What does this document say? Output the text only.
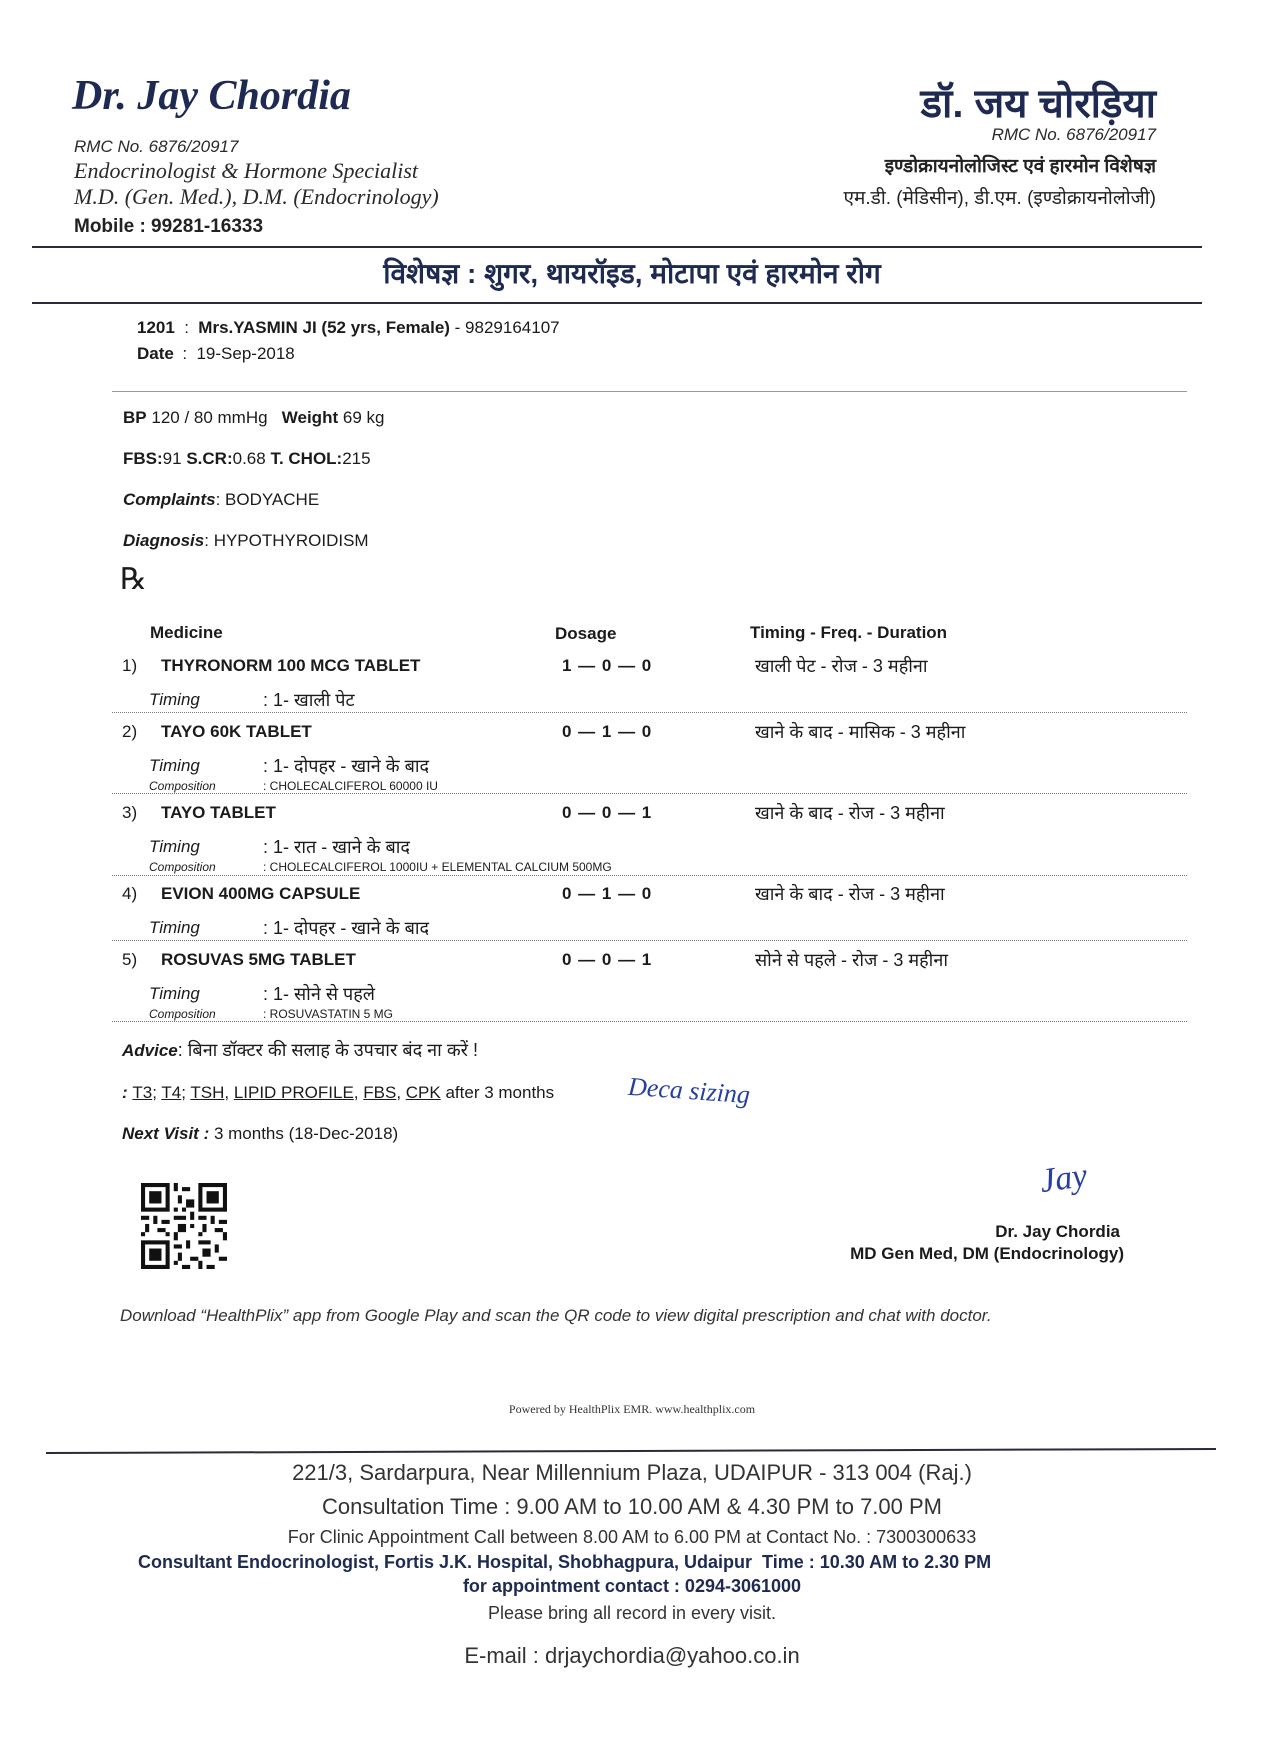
Dr. Jay Chordia
RMC No. 6876/20917
Endocrinologist & Hormone Specialist
M.D. (Gen. Med.), D.M. (Endocrinology)
Mobile : 99281-16333
डॉ. जय चोरड़िया
RMC No. 6876/20917
इण्डोक्रायनोलोजिस्ट एवं हारमोन विशेषज्ञ
एम.डी. (मेडिसीन), डी.एम. (इण्डोक्रायनोलोजी)
विशेषज्ञ : शुगर, थायरॉइड, मोटापा एवं हारमोन रोग
1201 : Mrs.YASMIN JI (52 yrs, Female) - 9829164107
Date : 19-Sep-2018
BP 120 / 80 mmHg Weight 69 kg
FBS:91 S.CR:0.68 T. CHOL:215
Complaints: BODYACHE
Diagnosis: HYPOTHYROIDISM
℞
Medicine	Dosage	Timing - Freq. - Duration
1) THYRONORM 100 MCG TABLET	1 — 0 — 0	खाली पेट - रोज - 3 महीना
Timing	: 1- खाली पेट
2) TAYO 60K TABLET	0 — 1 — 0	खाने के बाद - मासिक - 3 महीना
Timing	: 1- दोपहर - खाने के बाद
Composition	: CHOLECALCIFEROL 60000 IU
3) TAYO TABLET	0 — 0 — 1	खाने के बाद - रोज - 3 महीना
Timing	: 1- रात - खाने के बाद
Composition	: CHOLECALCIFEROL 1000IU + ELEMENTAL CALCIUM 500MG
4) EVION 400MG CAPSULE	0 — 1 — 0	खाने के बाद - रोज - 3 महीना
Timing	: 1- दोपहर - खाने के बाद
5) ROSUVAS 5MG TABLET	0 — 0 — 1	सोने से पहले - रोज - 3 महीना
Timing	: 1- सोने से पहले
Composition	: ROSUVASTATIN 5 MG
Advice: बिना डॉक्टर की सलाह के उपचार बंद ना करें !
: T3; T4; TSH, LIPID PROFILE, FBS, CPK after 3 months	Deca sizing
Next Visit : 3 months (18-Dec-2018)
Jay
Dr. Jay Chordia
MD Gen Med, DM (Endocrinology)
Download “HealthPlix” app from Google Play and scan the QR code to view digital prescription and chat with doctor.
Powered by HealthPlix EMR. www.healthplix.com
221/3, Sardarpura, Near Millennium Plaza, UDAIPUR - 313 004 (Raj.)
Consultation Time : 9.00 AM to 10.00 AM & 4.30 PM to 7.00 PM
For Clinic Appointment Call between 8.00 AM to 6.00 PM at Contact No. : 7300300633
Consultant Endocrinologist, Fortis J.K. Hospital, Shobhagpura, Udaipur Time : 10.30 AM to 2.30 PM
for appointment contact : 0294-3061000
Please bring all record in every visit.
E-mail : drjaychordia@yahoo.co.in
